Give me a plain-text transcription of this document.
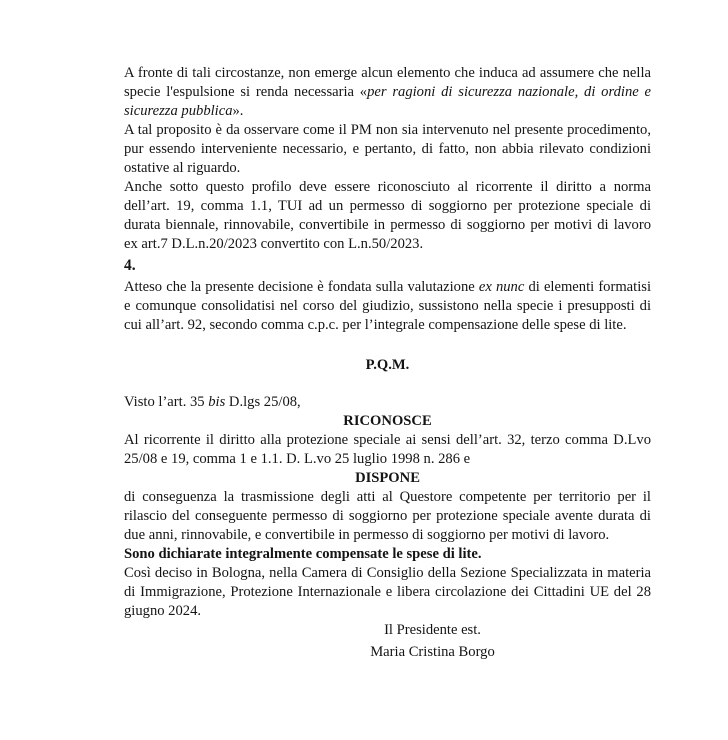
A fronte di tali circostanze, non emerge alcun elemento che induca ad assumere che nella specie l'espulsione si renda necessaria «per ragioni di sicurezza nazionale, di ordine e sicurezza pubblica».

A tal proposito è da osservare come il PM non sia intervenuto nel presente procedimento, pur essendo interveniente necessario, e pertanto, di fatto, non abbia rilevato condizioni ostative al riguardo.

Anche sotto questo profilo deve essere riconosciuto al ricorrente il diritto a norma dell’art. 19, comma 1.1, TUI ad un permesso di soggiorno per protezione speciale di durata biennale, rinnovabile, convertibile in permesso di soggiorno per motivi di lavoro ex art.7 D.L.n.20/2023 convertito con L.n.50/2023.

4.

Atteso che la presente decisione è fondata sulla valutazione ex nunc di elementi formatisi e comunque consolidatisi nel corso del giudizio, sussistono nella specie i presupposti di cui all’art. 92, secondo comma c.p.c. per l’integrale compensazione delle spese di lite.

P.Q.M.

Visto l’art. 35 bis D.lgs 25/08,

RICONOSCE

Al ricorrente il diritto alla protezione speciale ai sensi dell’art. 32, terzo comma D.Lvo 25/08 e 19, comma 1 e 1.1. D. L.vo 25 luglio 1998 n. 286 e

DISPONE

di conseguenza la trasmissione degli atti al Questore competente per territorio per il rilascio del conseguente permesso di soggiorno per protezione speciale avente durata di due anni, rinnovabile, e convertibile in permesso di soggiorno per motivi di lavoro.

Sono dichiarate integralmente compensate le spese di lite.

Così deciso in Bologna, nella Camera di Consiglio della Sezione Specializzata in materia di Immigrazione, Protezione Internazionale e libera circolazione dei Cittadini UE del 28 giugno 2024.

Il Presidente est.
Maria Cristina Borgo
